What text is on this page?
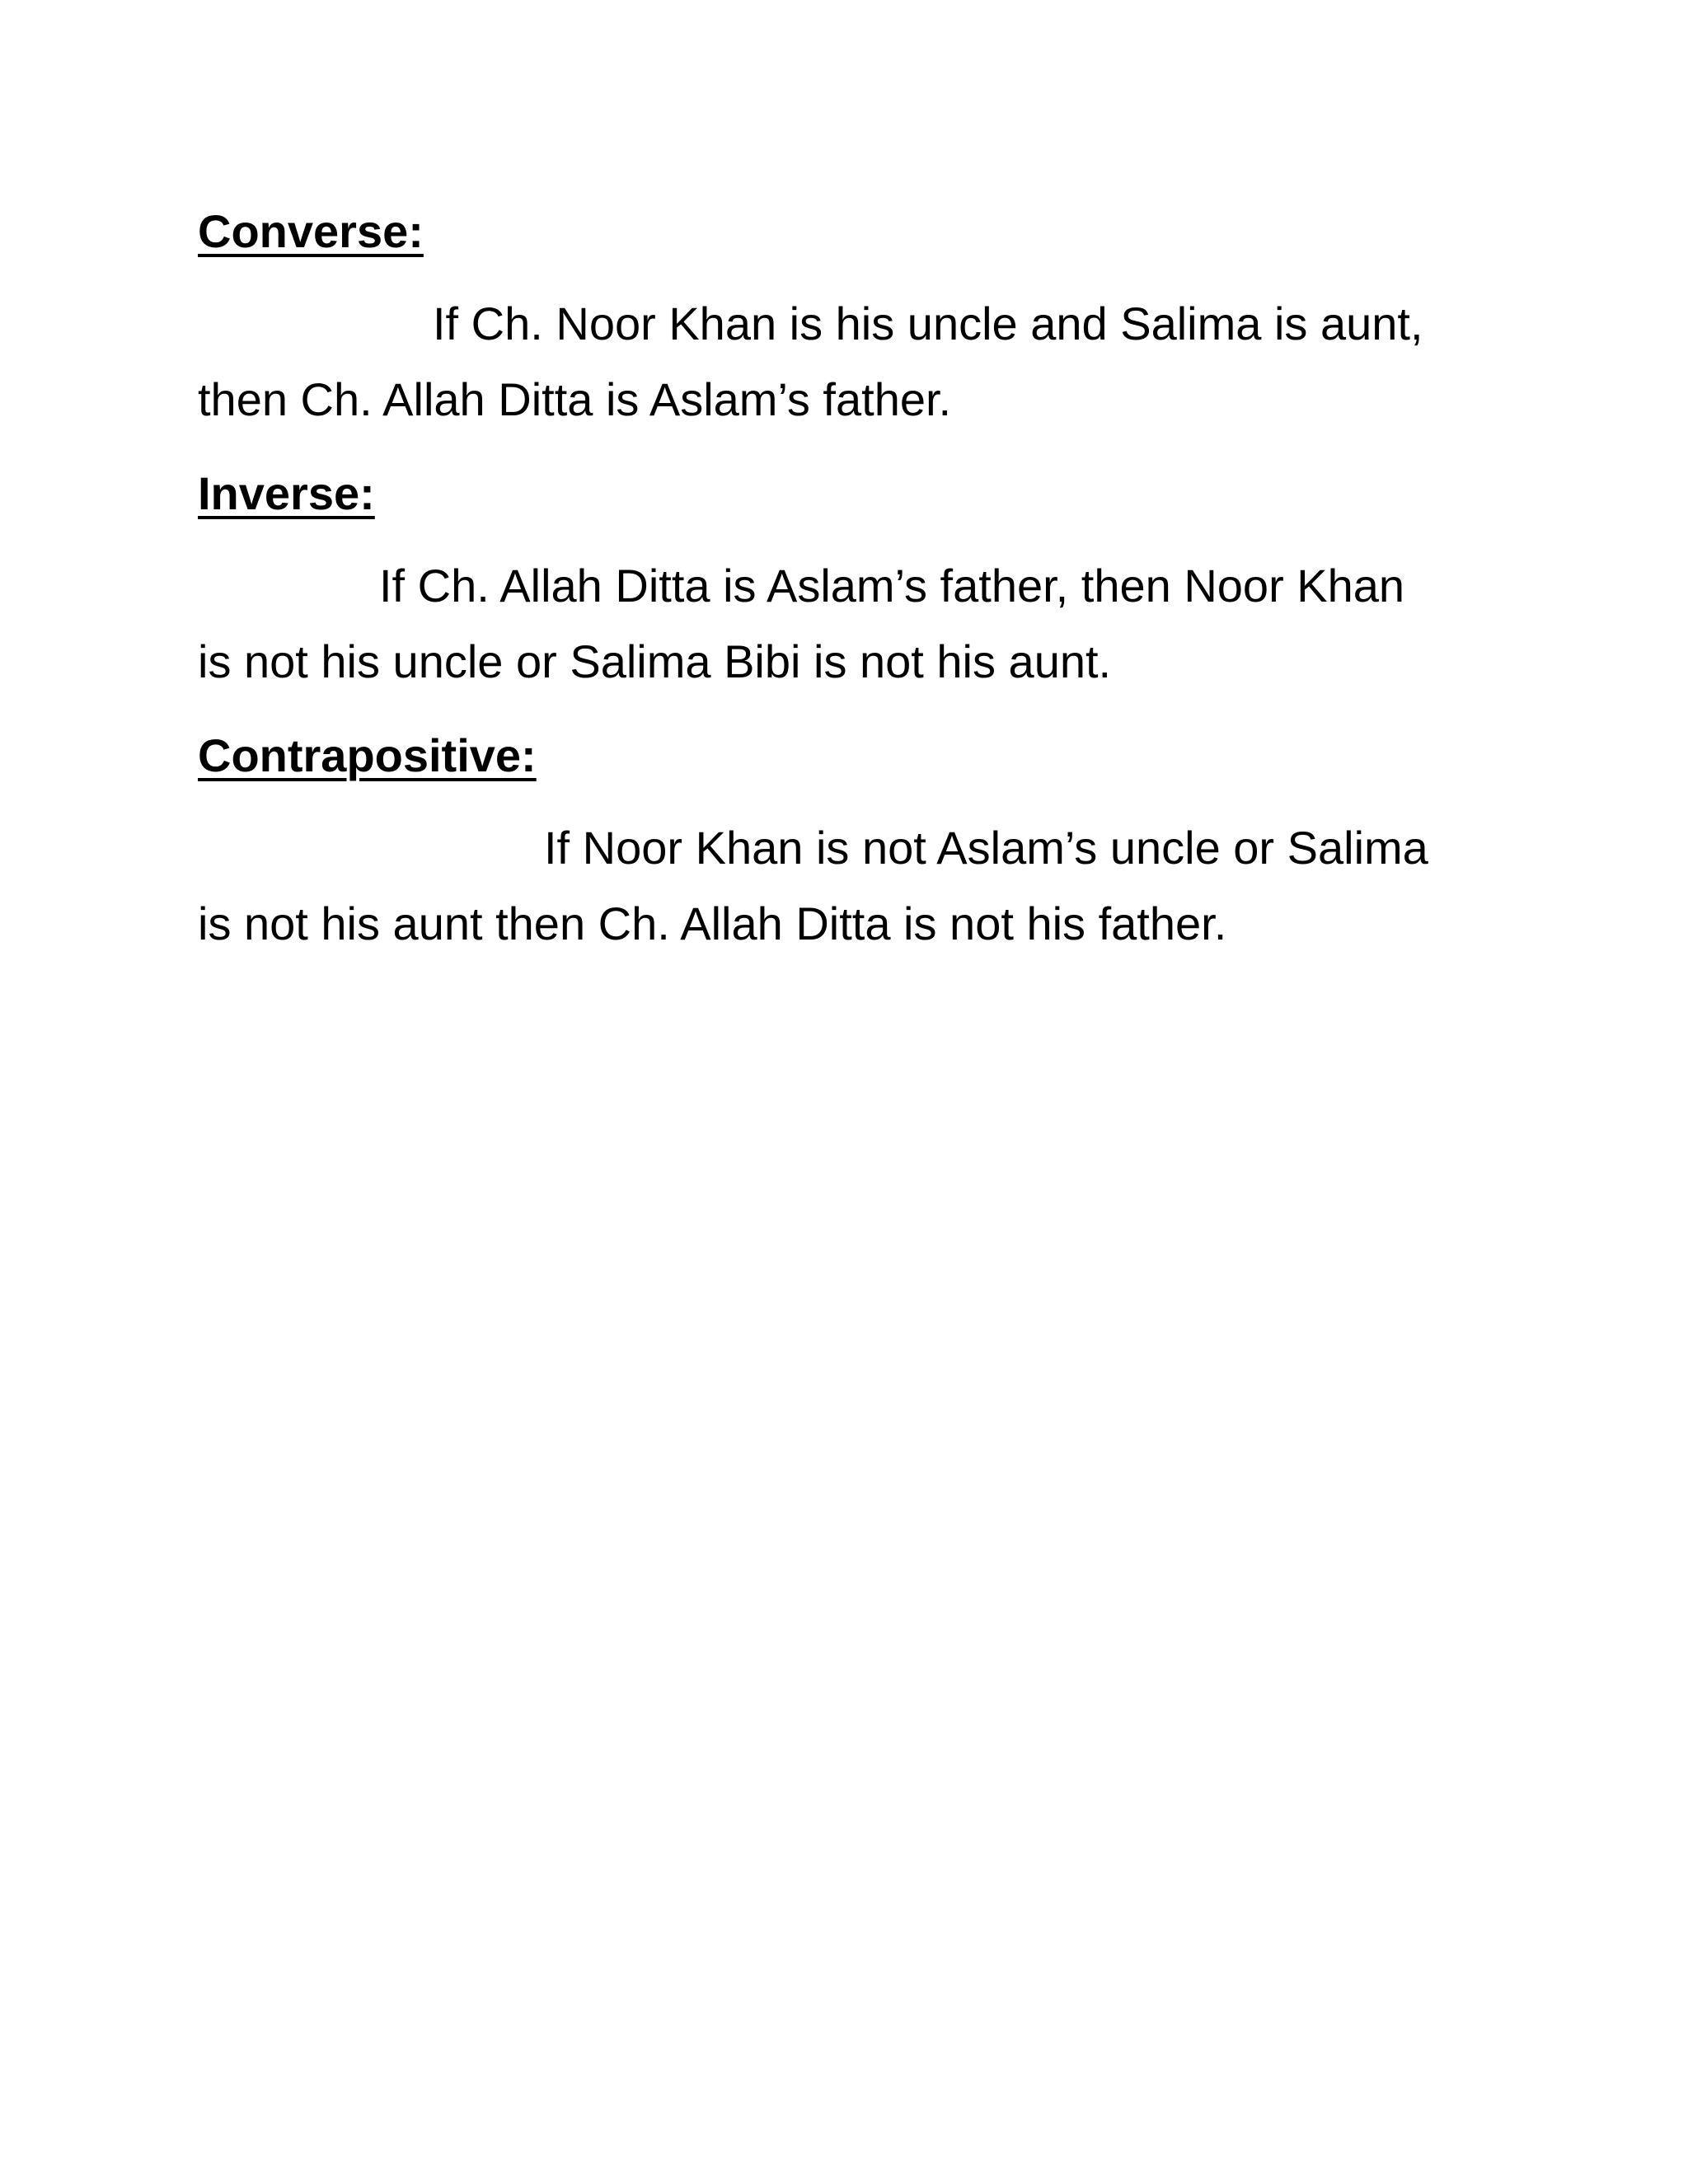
Converse:

If Ch. Noor Khan is his uncle and Salima is aunt, then Ch. Allah Ditta is Aslam’s father.

Inverse:

If Ch. Allah Ditta is Aslam’s father, then Noor Khan is not his uncle or Salima Bibi is not his aunt.

Contrapositive:

If Noor Khan is not Aslam’s uncle or Salima is not his aunt then Ch. Allah Ditta is not his father.
